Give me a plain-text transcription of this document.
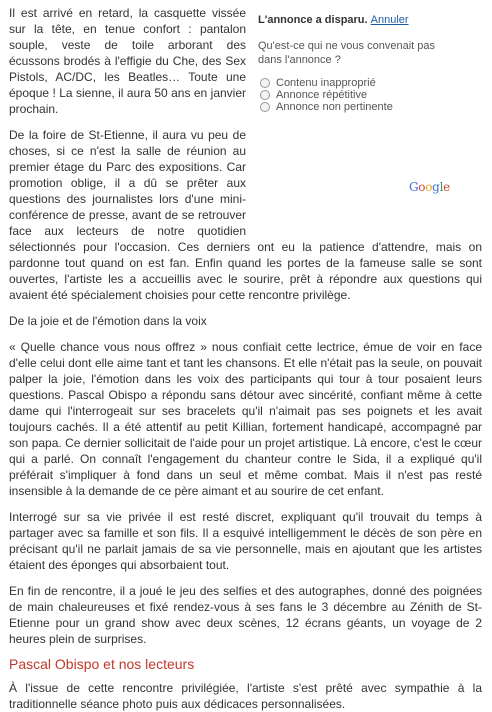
L'annonce a disparu. Annuler
Qu'est-ce qui ne vous convenait pas dans l'annonce ?
Contenu inapproprié
Annonce répétitive
Annonce non pertinente
Google

Il est arrivé en retard, la casquette vissée sur la tête, en tenue confort : pantalon souple, veste de toile arborant des écussons brodés à l'effigie du Che, des Sex Pistols, AC/DC, les Beatles… Toute une époque ! La sienne, il aura 50 ans en janvier prochain.

De la foire de St-Etienne, il aura vu peu de choses, si ce n'est la salle de réunion au premier étage du Parc des expositions. Car promotion oblige, il a dû se prêter aux questions des journalistes lors d'une mini-conférence de presse, avant de se retrouver face aux lecteurs de notre quotidien sélectionnés pour l'occasion. Ces derniers ont eu la patience d'attendre, mais on pardonne tout quand on est fan. Enfin quand les portes de la fameuse salle se sont ouvertes, l'artiste les a accueillis avec le sourire, prêt à répondre aux questions qui avaient été spécialement choisies pour cette rencontre privilège.

De la joie et de l'émotion dans la voix

« Quelle chance vous nous offrez » nous confiait cette lectrice, émue de voir en face d'elle celui dont elle aime tant et tant les chansons. Et elle n'était pas la seule, on pouvait palper la joie, l'émotion dans les voix des participants qui tour à tour posaient leurs questions. Pascal Obispo a répondu sans détour avec sincérité, confiant même à cette dame qui l'interrogeait sur ses bracelets qu'il n'aimait pas ses poignets et les avait toujours cachés. Il a été attentif au petit Killian, fortement handicapé, accompagné par son papa. Ce dernier sollicitait de l'aide pour un projet artistique. Là encore, c'est le cœur qui a parlé. On connaît l'engagement du chanteur contre le Sida, il a expliqué qu'il préférait s'impliquer à fond dans un seul et même combat. Mais il n'est pas resté insensible à la demande de ce père aimant et au sourire de cet enfant.

Interrogé sur sa vie privée il est resté discret, expliquant qu'il trouvait du temps à partager avec sa famille et son fils. Il a esquivé intelligemment le décès de son père en précisant qu'il ne parlait jamais de sa vie personnelle, mais en ajoutant que les artistes étaient des éponges qui absorbaient tout.

En fin de rencontre, il a joué le jeu des selfies et des autographes, donné des poignées de main chaleureuses et fixé rendez-vous à ses fans le 3 décembre au Zénith de St-Etienne pour un grand show avec deux scènes, 12 écrans géants, un voyage de 2 heures plein de surprises.

Pascal Obispo et nos lecteurs

À l'issue de cette rencontre privilégiée, l'artiste s'est prêté avec sympathie à la traditionnelle séance photo puis aux dédicaces personnalisées.
